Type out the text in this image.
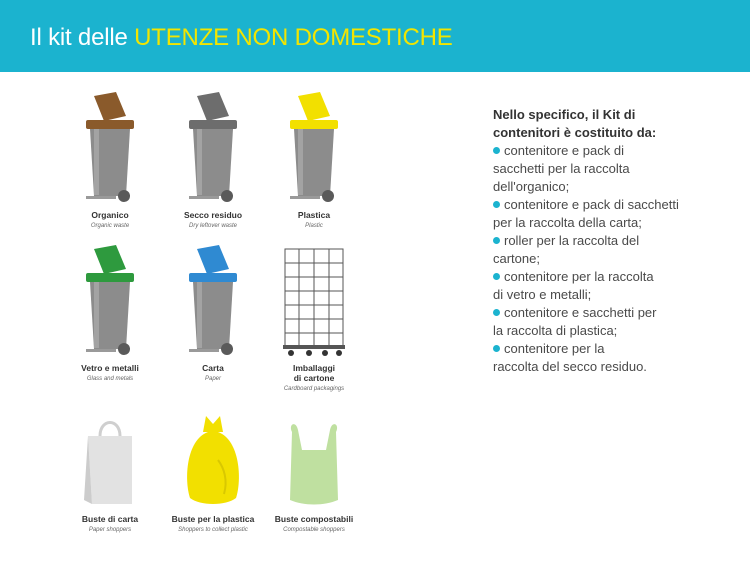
Il kit delle UTENZE NON DOMESTICHE
Organico
Organic waste
Secco residuo
Dry leftover waste
Plastica
Plastic
Vetro e metalli
Glass and metals
Carta
Paper
Imballaggi
di cartone
Cardboard packagings
Buste di carta
Paper shoppers
Buste per la plastica
Shoppers to collect plastic
Buste compostabili
Compostable shoppers
Nello specifico, il Kit di
contenitori è costituito da:
contenitore e pack di
sacchetti per la raccolta
dell'organico;
contenitore e pack di sacchetti
per la raccolta della carta;
roller per la raccolta del
cartone;
contenitore per la raccolta
di vetro e metalli;
contenitore e sacchetti per
la raccolta di plastica;
contenitore per la
raccolta del secco residuo.
